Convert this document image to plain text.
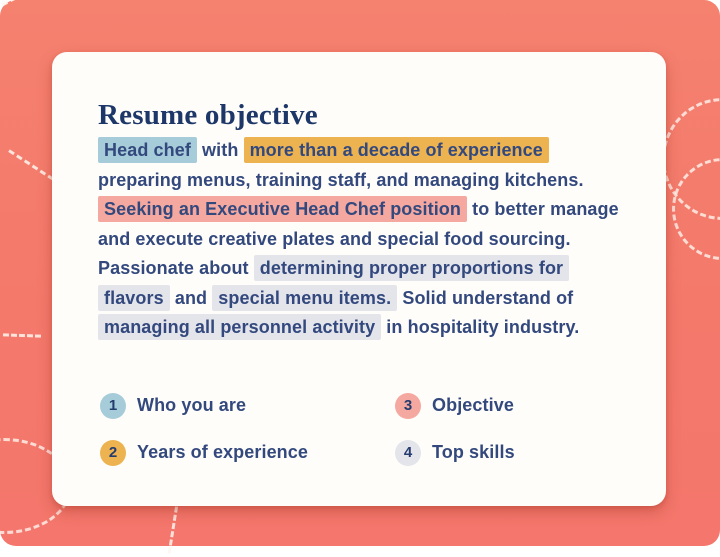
Resume objective
Head chef with more than a decade of experience
preparing menus, training staff, and managing kitchens.
Seeking an Executive Head Chef position to better manage
and execute creative plates and special food sourcing.
Passionate about determining proper proportions for
flavors and special menu items. Solid understand of
managing all personnel activity in hospitality industry.
1	Who you are
2	Years of experience
3	Objective
4	Top skills
